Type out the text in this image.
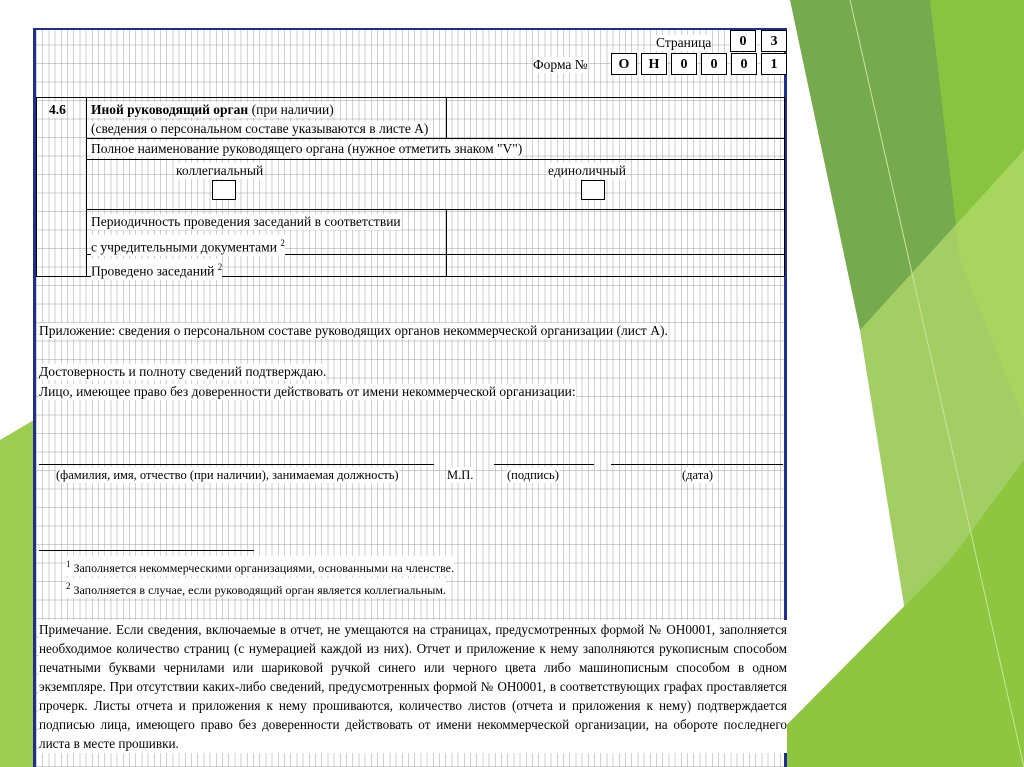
Страница	0	3
Форма №	О	Н	0	0	0	1
4.6 Иной руководящий орган (при наличии)
(сведения о персональном составе указываются в листе А)
Полное наименование руководящего органа (нужное отметить знаком "V")
коллегиальный	единоличный
Периодичность проведения заседаний в соответствии
с учредительными документами $^2$
Проведено заседаний $^2$
Приложение: сведения о персональном составе руководящих органов некоммерческой организации (лист А).
Достоверность и полноту сведений подтверждаю.
Лицо, имеющее право без доверенности действовать от имени некоммерческой организации:
(фамилия, имя, отчество (при наличии), занимаемая должность)	М.П.	(подпись)	(дата)
$^1$ Заполняется некоммерческими организациями, основанными на членстве.
$^2$ Заполняется в случае, если руководящий орган является коллегиальным.
Примечание. Если сведения, включаемые в отчет, не умещаются на страницах, предусмотренных формой № ОН0001, заполняется необходимое количество страниц (с нумерацией каждой из них). Отчет и приложение к нему заполняются рукописным способом печатными буквами чернилами или шариковой ручкой синего или черного цвета либо машинописным способом в одном экземпляре. При отсутствии каких-либо сведений, предусмотренных формой № ОН0001, в соответствующих графах проставляется прочерк. Листы отчета и приложения к нему прошиваются, количество листов (отчета и приложения к нему) подтверждается подписью лица, имеющего право без доверенности действовать от имени некоммерческой организации, на обороте последнего листа в месте прошивки.
